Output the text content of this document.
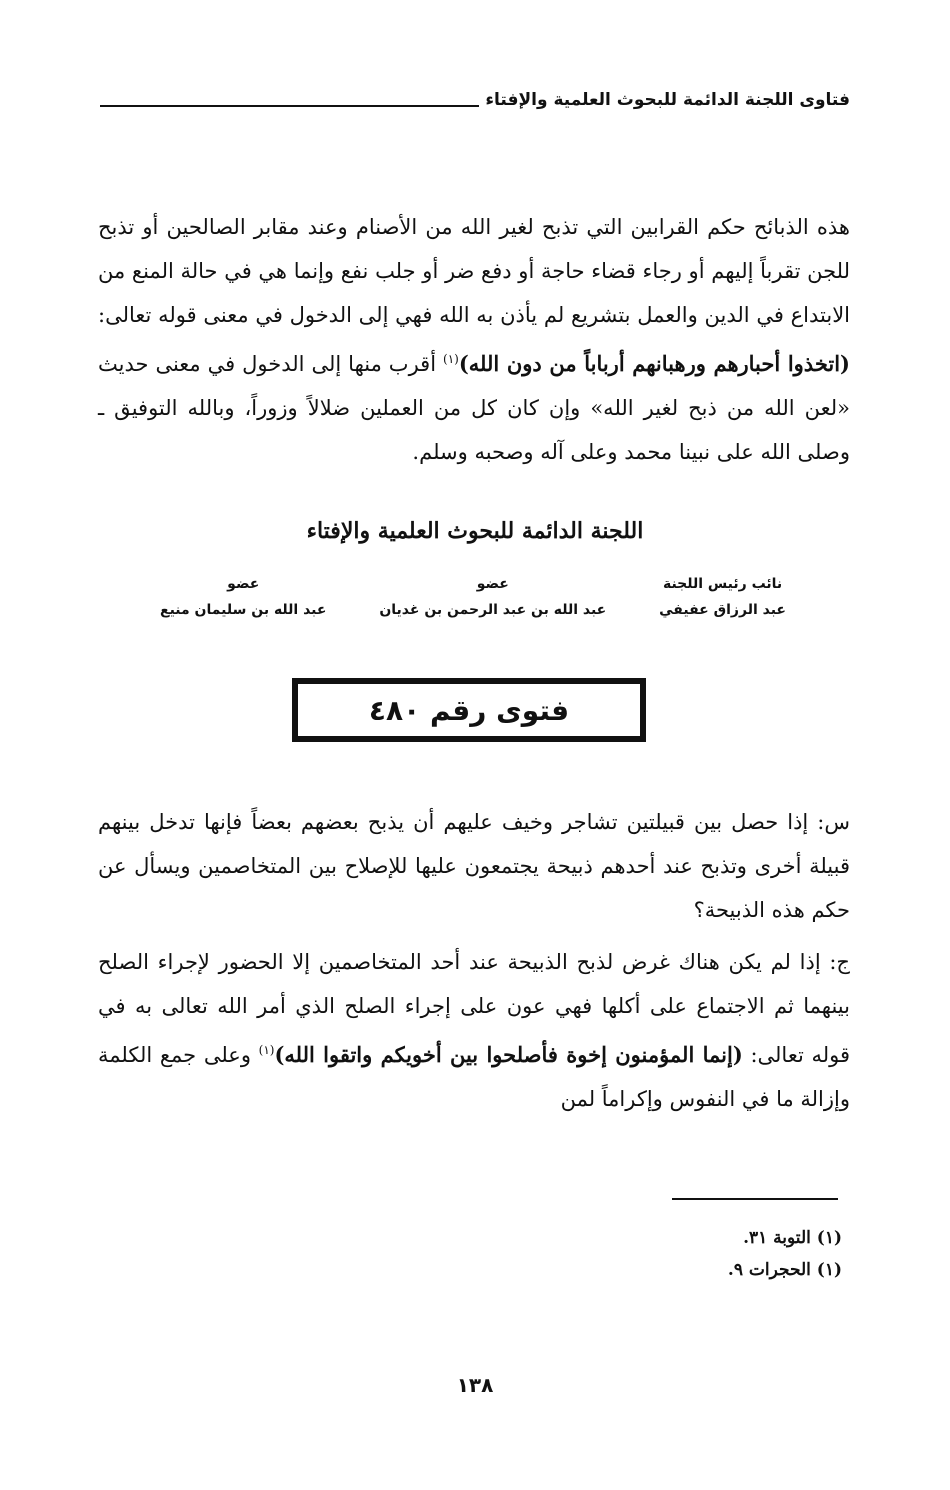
فتاوى اللجنة الدائمة للبحوث العلمية والإفتاء

هذه الذبائح حكم القرابين التي تذبح لغير الله من الأصنام وعند مقابر الصالحين أو تذبح للجن تقرباً إليهم أو رجاء قضاء حاجة أو دفع ضر أو جلب نفع وإنما هي في حالة المنع من الابتداع في الدين والعمل بتشريع لم يأذن به الله فهي إلى الدخول في معنى قوله تعالى: (اتخذوا أحبارهم ورهبانهم أرباباً من دون الله)$^{(١)}$ أقرب منها إلى الدخول في معنى حديث «لعن الله من ذبح لغير الله» وإن كان كل من العملين ضلالاً وزوراً، وبالله التوفيق ـ وصلى الله على نبينا محمد وعلى آله وصحبه وسلم.

اللجنة الدائمة للبحوث العلمية والإفتاء
نائب رئيس اللجنة
عبد الرزاق عفيفي
عضو
عبد الله بن عبد الرحمن بن غديان
عضو
عبد الله بن سليمان منيع
فتوى رقم ٤٨٠

س: إذا حصل بين قبيلتين تشاجر وخيف عليهم أن يذبح بعضهم بعضاً فإنها تدخل بينهم قبيلة أخرى وتذبح عند أحدهم ذبيحة يجتمعون عليها للإصلاح بين المتخاصمين ويسأل عن حكم هذه الذبيحة؟

ج: إذا لم يكن هناك غرض لذبح الذبيحة عند أحد المتخاصمين إلا الحضور لإجراء الصلح بينهما ثم الاجتماع على أكلها فهي عون على إجراء الصلح الذي أمر الله تعالى به في قوله تعالى: (إنما المؤمنون إخوة فأصلحوا بين أخويكم واتقوا الله)$^{(١)}$ وعلى جمع الكلمة وإزالة ما في النفوس وإكراماً لمن

(١) التوبة ٣١.
(١) الحجرات ٩.
١٣٨
